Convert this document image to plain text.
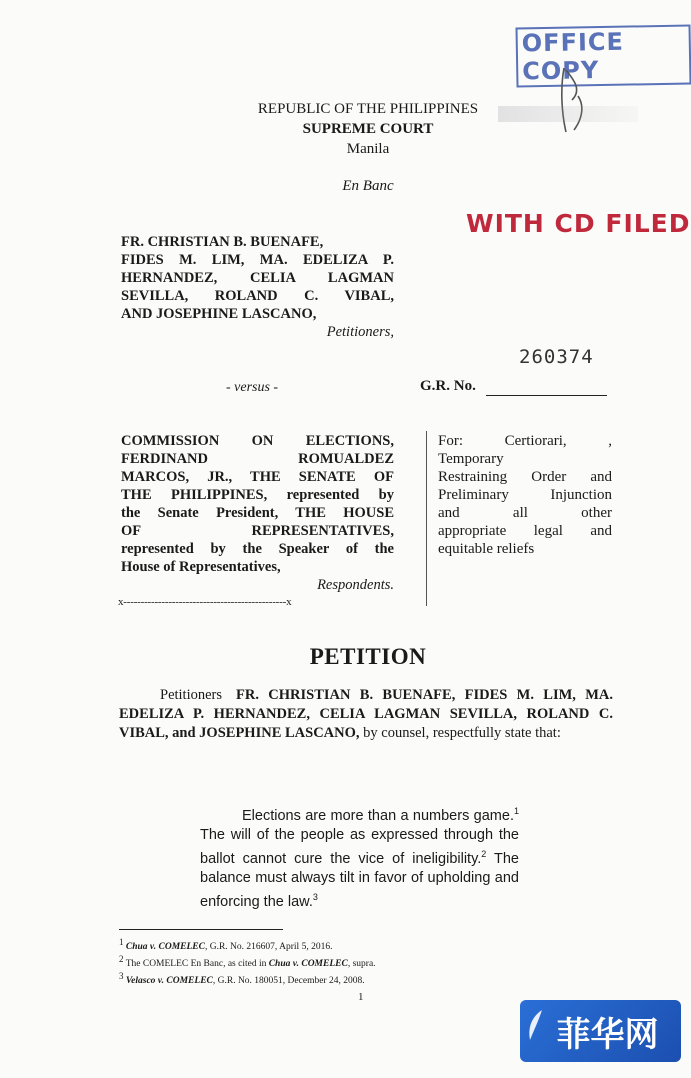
OFFICE COPY
WITH CD FILED
REPUBLIC OF THE PHILIPPINES
SUPREME COURT
Manila
En Banc
FR. CHRISTIAN B. BUENAFE,
FIDES M. LIM, MA. EDELIZA P.
HERNANDEZ, CELIA LAGMAN
SEVILLA, ROLAND C. VIBAL,
AND JOSEPHINE LASCANO,
Petitioners,
260374
- versus -	G.R. No.
COMMISSION ON ELECTIONS,
FERDINAND ROMUALDEZ
MARCOS, JR., THE SENATE OF
THE PHILIPPINES, represented by
the Senate President, THE HOUSE
OF REPRESENTATIVES,
represented by the Speaker of the
House of Representatives,
Respondents.
For: Certiorari, ,
Temporary
Restraining Order and
Preliminary Injunction
and all other
appropriate legal and
equitable reliefs
x-----------------------------------------------x
PETITION
Petitioners FR. CHRISTIAN B. BUENAFE, FIDES M. LIM, MA. EDELIZA P. HERNANDEZ, CELIA LAGMAN SEVILLA, ROLAND C. VIBAL, and JOSEPHINE LASCANO, by counsel, respectfully state that:
Elections are more than a numbers game.$^1$ The will of the people as expressed through the ballot cannot cure the vice of ineligibility.$^2$ The balance must always tilt in favor of upholding and enforcing the law.$^3$
$^1$ Chua v. COMELEC, G.R. No. 216607, April 5, 2016.
$^2$ The COMELEC En Banc, as cited in Chua v. COMELEC, supra.
$^3$ Velasco v. COMELEC, G.R. No. 180051, December 24, 2008.
1
菲华网
